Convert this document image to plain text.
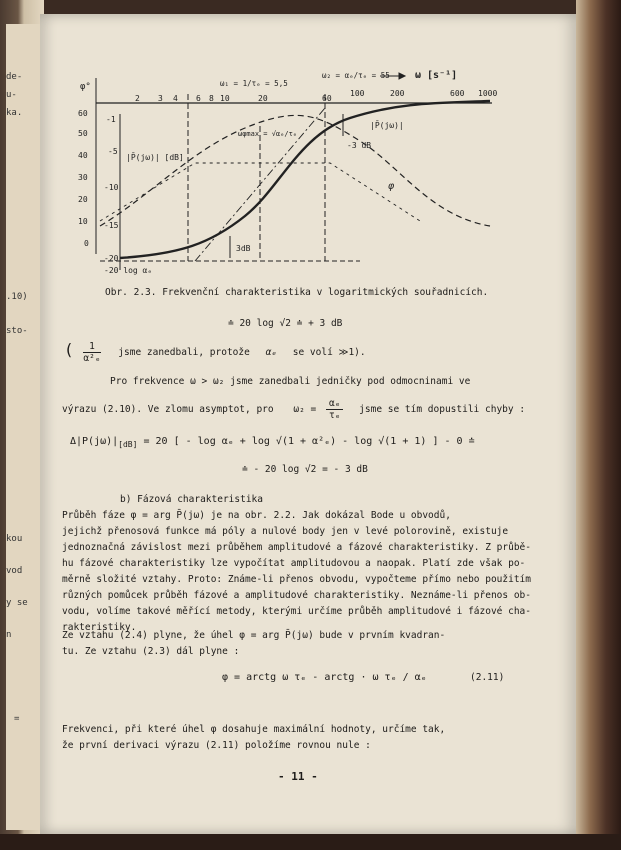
de-
u-
ka.
.10)
sto-
kou
vod
y se
n
=
ω₁ = 1/τₑ = 5,5
ω₂ = αₑ/τₑ = 55	ω [s⁻¹]
ωφmax = √αₑ/τₑ
2 3 4 6 8 10	20	60
100	200	600 1000
φ°
60
50
40
30
20
10
0
|P̄(jω)| [dB]
-1
-5
-10
-15
-20
-20 log αₑ
|P̄(jω)|
φ
-3 dB
3dB
Obr. 2.3. Frekvenční charakteristika v logaritmických souřadnicích.
≐ 20 log √2 ≐ + 3 dB
( $\frac{1}{\text{α²ₑ}}$ jsme zanedbali, protože αₑ se volí ≫1).
Pro frekvence ω > ω₂ jsme zanedbali jedničky pod odmocninami ve
výrazu (2.10). Ve zlomu asymptot, pro $\omega_2 = \frac{\text{αₑ}}{\text{τₑ}}$ jsme se tím dopustili chyby :
$\Delta|P(j\omega)|_{[dB]} = 20$ [ - log αₑ + log √(1 + α²ₑ) - log √(1 + 1) ] - 0 ≐
≐ - 20 log √2 = - 3 dB
b) Fázová charakteristika
Průběh fáze φ = arg P̄(jω) je na obr. 2.2. Jak dokázal Bode u obvodů,
jejichž přenosová funkce má póly a nulové body jen v levé polorovině, existuje
jednoznačná závislost mezi průběhem amplitudové a fázové charakteristiky. Z průbě-
hu fázové charakteristiky lze vypočítat amplitudovou a naopak. Platí zde však po-
měrně složité vztahy. Proto: Známe-li přenos obvodu, vypočteme přímo nebo použitím
různých pomůcek průběh fázové a amplitudové charakteristiky. Neznáme-li přenos ob-
vodu, volíme takové měřící metody, kterými určíme průběh amplitudové i fázové cha-
rakteristiky.
Ze vztahu (2.4) plyne, že úhel φ = arg P̄(jω) bude v prvním kvadran-
tu. Ze vztahu (2.3) dál plyne :
φ = arctg ω τₑ - arctg · ω τₑ / αₑ	(2.11)
Frekvenci, při které úhel φ dosahuje maximální hodnoty, určíme tak,
že první derivaci výrazu (2.11) položíme rovnou nule :
- 11 -
